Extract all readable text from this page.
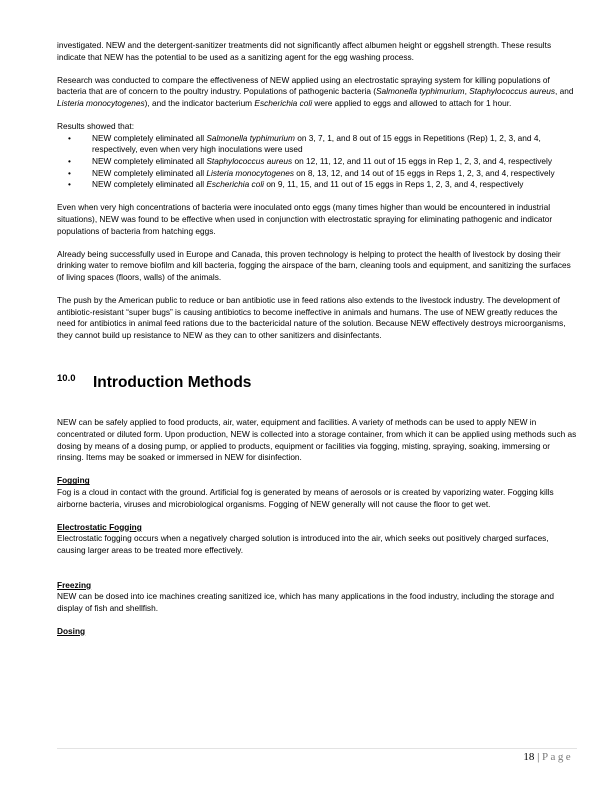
investigated. NEW and the detergent-sanitizer treatments did not significantly affect albumen height or eggshell strength. These results indicate that NEW has the potential to be used as a sanitizing agent for the egg washing process.

Research was conducted to compare the effectiveness of NEW applied using an electrostatic spraying system for killing populations of bacteria that are of concern to the poultry industry. Populations of pathogenic bacteria (Salmonella typhimurium, Staphylococcus aureus, and Listeria monocytogenes), and the indicator bacterium Escherichia coli were applied to eggs and allowed to attach for 1 hour.

Results showed that:
•	NEW completely eliminated all Salmonella typhimurium on 3, 7, 1, and 8 out of 15 eggs in Repetitions (Rep) 1, 2, 3, and 4, respectively, even when very high inoculations were used
•	NEW completely eliminated all Staphylococcus aureus on 12, 11, 12, and 11 out of 15 eggs in Rep 1, 2, 3, and 4, respectively
•	NEW completely eliminated all Listeria monocytogenes on 8, 13, 12, and 14 out of 15 eggs in Reps 1, 2, 3, and 4, respectively
•	NEW completely eliminated all Escherichia coli on 9, 11, 15, and 11 out of 15 eggs in Reps 1, 2, 3, and 4, respectively

Even when very high concentrations of bacteria were inoculated onto eggs (many times higher than would be encountered in industrial situations), NEW was found to be effective when used in conjunction with electrostatic spraying for eliminating pathogenic and indicator populations of bacteria from hatching eggs.

Already being successfully used in Europe and Canada, this proven technology is helping to protect the health of livestock by dosing their drinking water to remove biofilm and kill bacteria, fogging the airspace of the barn, cleaning tools and equipment, and sanitizing the surfaces of living spaces (floors, walls) of the animals.

The push by the American public to reduce or ban antibiotic use in feed rations also extends to the livestock industry. The development of antibiotic-resistant “super bugs” is causing antibiotics to become ineffective in animals and humans. The use of NEW greatly reduces the need for antibiotics in animal feed rations due to the bactericidal nature of the solution. Because NEW effectively destroys microorganisms, they cannot build up resistance to NEW as they can to other sanitizers and disinfectants.

10.0 Introduction Methods

NEW can be safely applied to food products, air, water, equipment and facilities. A variety of methods can be used to apply NEW in concentrated or diluted form. Upon production, NEW is collected into a storage container, from which it can be applied using methods such as dosing by means of a dosing pump, or applied to products, equipment or facilities via fogging, misting, spraying, soaking, immersing or rinsing. Items may be soaked or immersed in NEW for disinfection.

Fogging
Fog is a cloud in contact with the ground. Artificial fog is generated by means of aerosols or is created by vaporizing water. Fogging kills airborne bacteria, viruses and microbiological organisms. Fogging of NEW generally will not cause the floor to get wet.
Electrostatic Fogging
Electrostatic fogging occurs when a negatively charged solution is introduced into the air, which seeks out positively charged surfaces, causing larger areas to be treated more effectively.
Freezing
NEW can be dosed into ice machines creating sanitized ice, which has many applications in the food industry, including the storage and display of fish and shellfish.
Dosing
18 | Page
